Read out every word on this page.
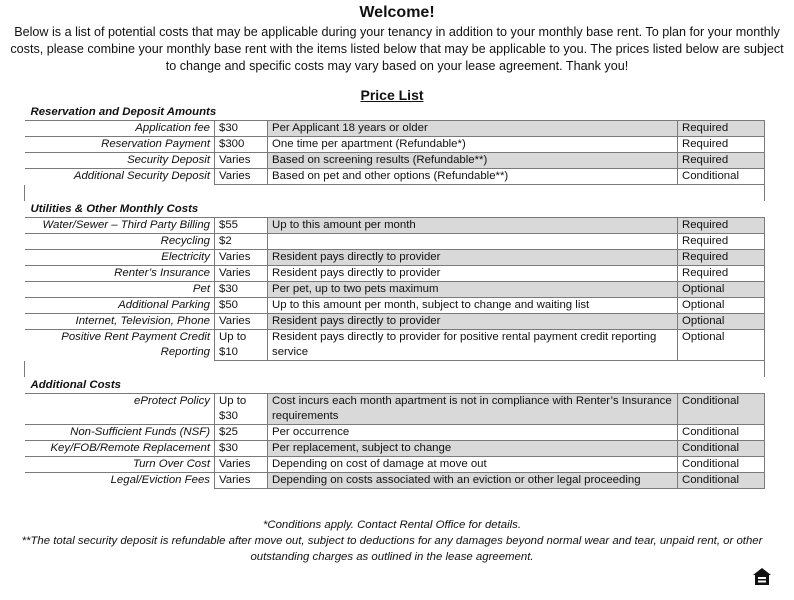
Welcome!
Below is a list of potential costs that may be applicable during your tenancy in addition to your monthly base rent. To plan for your monthly costs, please combine your monthly base rent with the items listed below that may be applicable to you. The prices listed below are subject to change and specific costs may vary based on your lease agreement. Thank you!
Price List
Reservation and Deposit Amounts			
Application fee	$30	Per Applicant 18 years or older	Required
Reservation Payment	$300	One time per apartment (Refundable*)	Required
Security Deposit	Varies	Based on screening results (Refundable**)	Required
Additional Security Deposit	Varies	Based on pet and other options (Refundable**)	Conditional

Utilities & Other Monthly Costs			
Water/Sewer – Third Party Billing	$55	Up to this amount per month	Required
Recycling	$2		Required
Electricity	Varies	Resident pays directly to provider	Required
Renter’s Insurance	Varies	Resident pays directly to provider	Required
Pet	$30	Per pet, up to two pets maximum	Optional
Additional Parking	$50	Up to this amount per month, subject to change and waiting list	Optional
Internet, Television, Phone	Varies	Resident pays directly to provider	Optional
Positive Rent Payment Credit Reporting	Up to $10	Resident pays directly to provider for positive rental payment credit reporting service	Optional

Additional Costs			
eProtect Policy	Up to $30	Cost incurs each month apartment is not in compliance with Renter’s Insurance requirements	Conditional
Non-Sufficient Funds (NSF)	$25	Per occurrence	Conditional
Key/FOB/Remote Replacement	$30	Per replacement, subject to change	Conditional
Turn Over Cost	Varies	Depending on cost of damage at move out	Conditional
Legal/Eviction Fees	Varies	Depending on costs associated with an eviction or other legal proceeding	Conditional
*Conditions apply. Contact Rental Office for details.
**The total security deposit is refundable after move out, subject to deductions for any damages beyond normal wear and tear, unpaid rent, or other outstanding charges as outlined in the lease agreement.
